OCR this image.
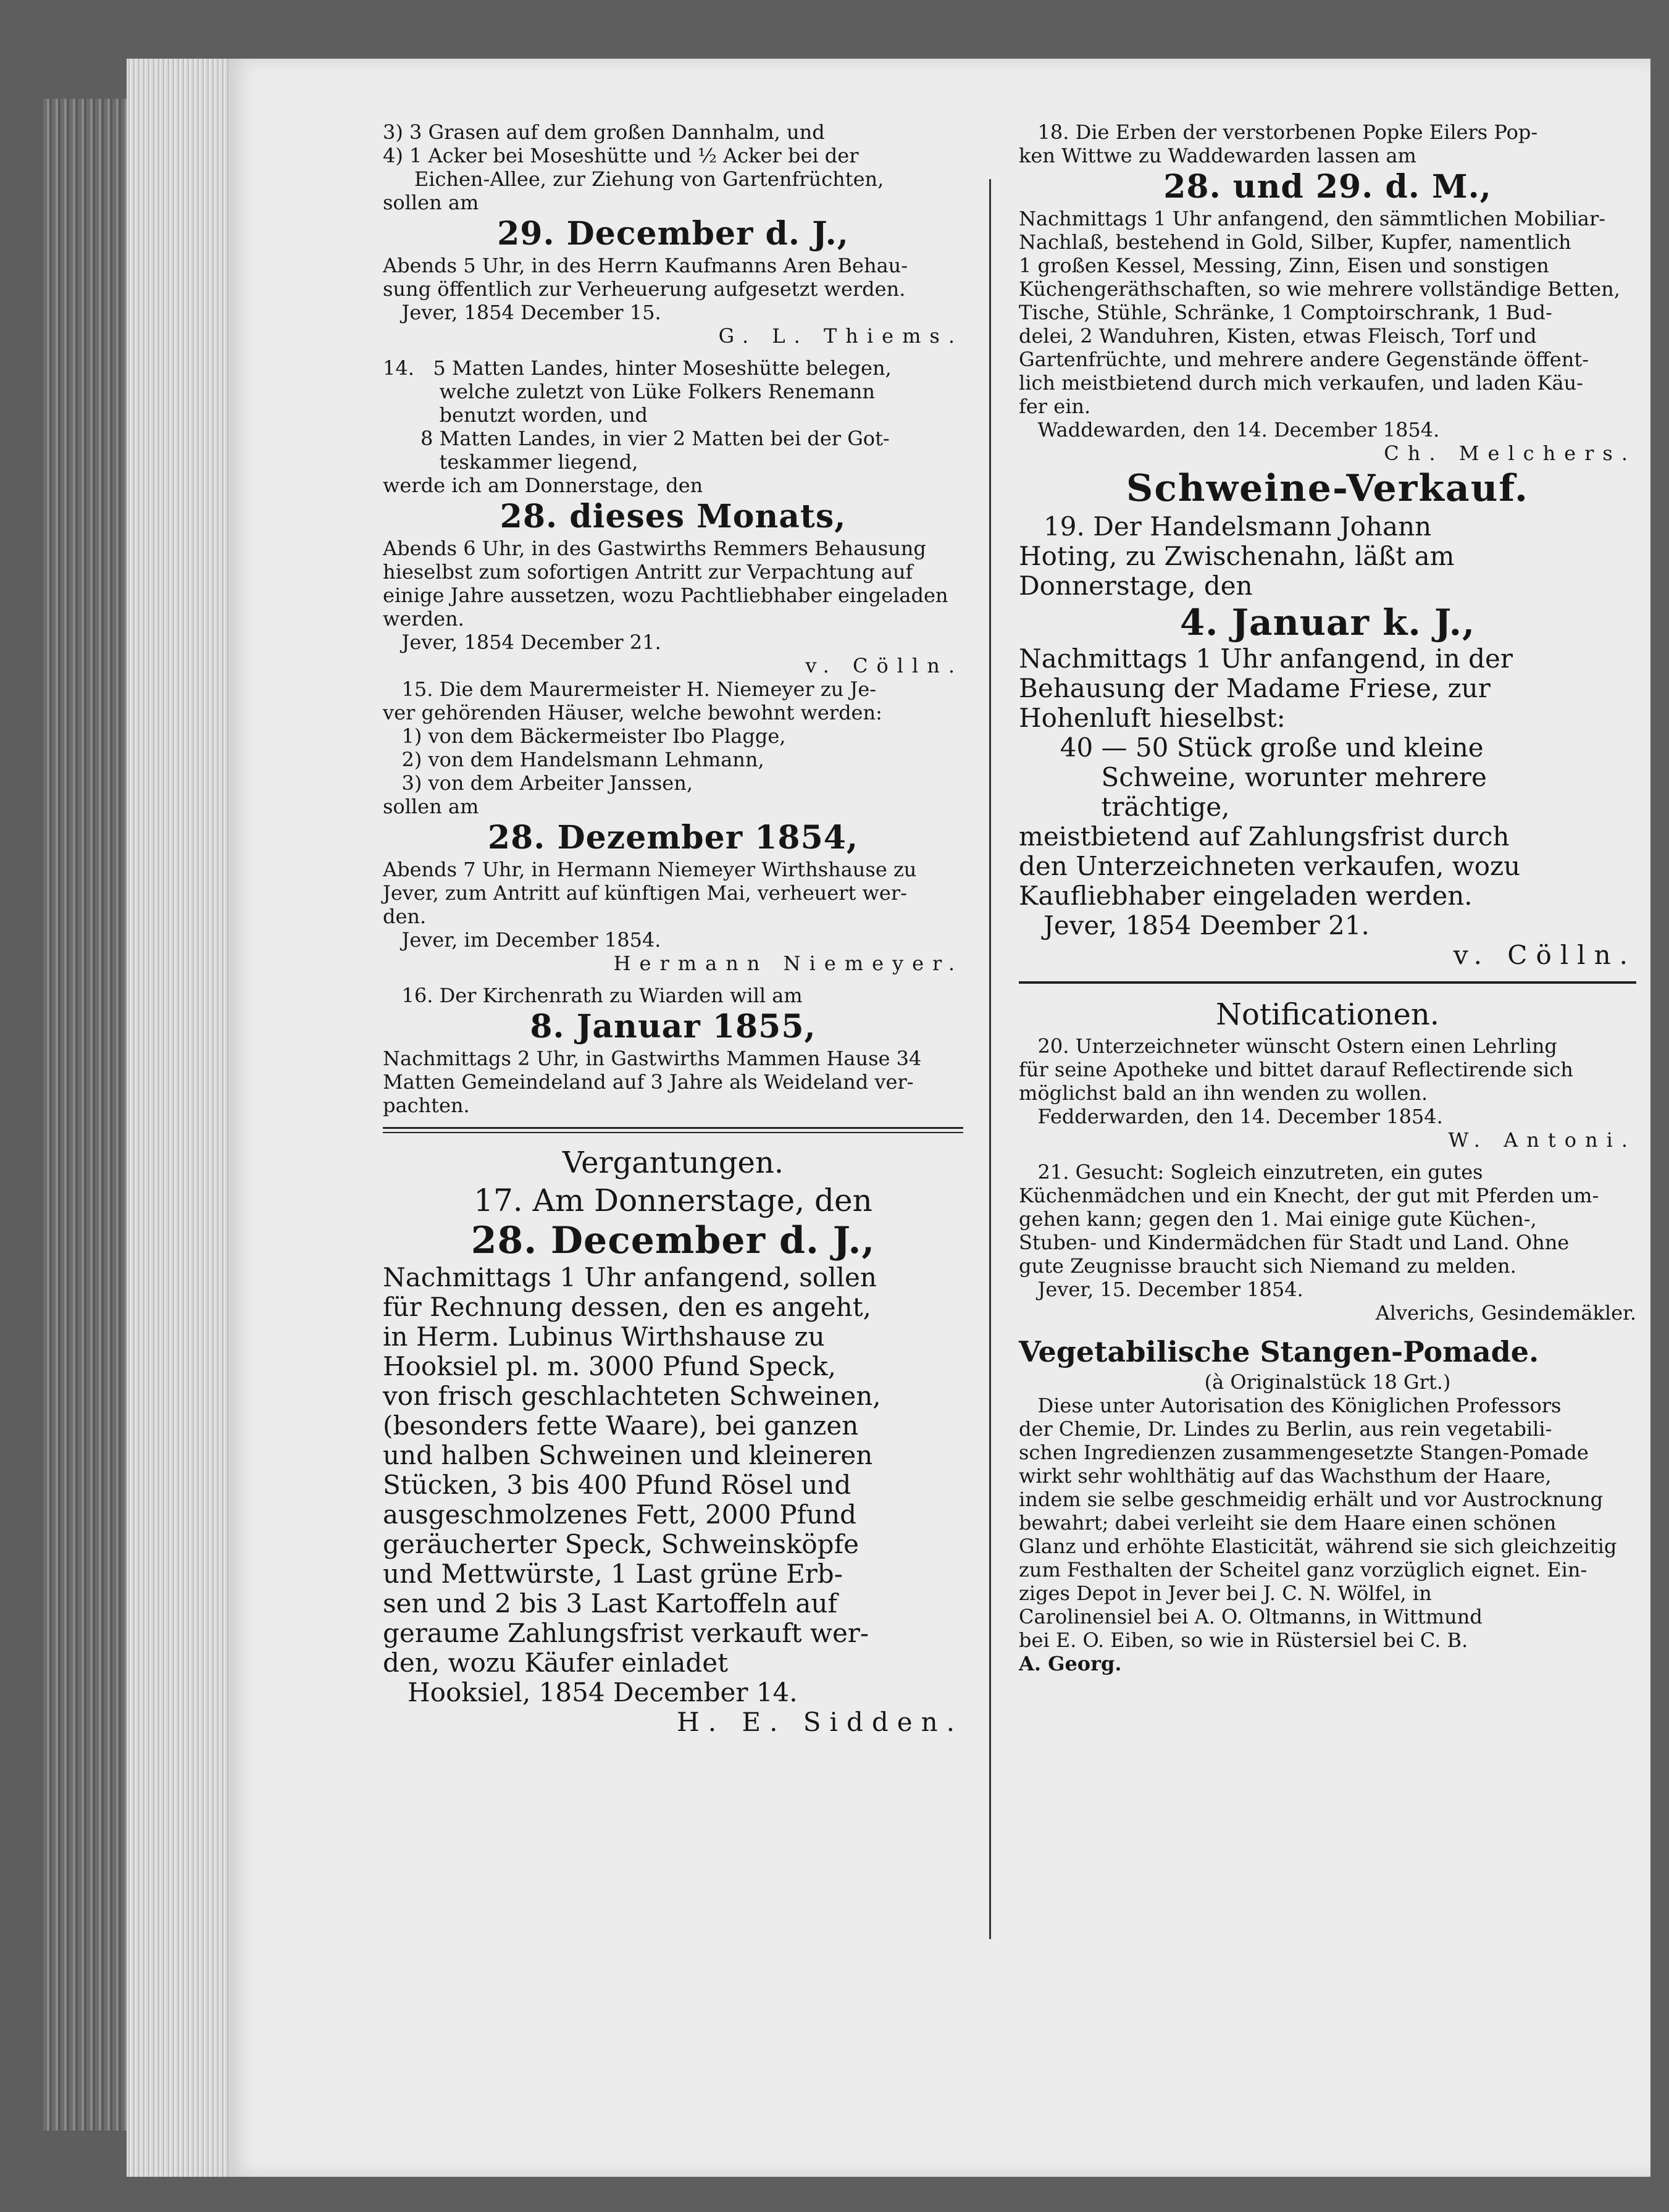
3) 3 Grasen auf dem großen Dannhalm, und
4) 1 Acker bei Moseshütte und ½ Acker bei der
Eichen-Allee, zur Ziehung von Gartenfrüchten,
sollen am
29. December d. J.,
Abends 5 Uhr, in des Herrn Kaufmanns Aren Behau-
sung öffentlich zur Verheuerung aufgesetzt werden.
Jever, 1854 December 15.
G. L. Thiems.
14.   5 Matten Landes, hinter Moseshütte belegen,
welche zuletzt von Lüke Folkers Renemann
benutzt worden, und
8 Matten Landes, in vier 2 Matten bei der Got-
teskammer liegend,
werde ich am Donnerstage, den
28. dieses Monats,
Abends 6 Uhr, in des Gastwirths Remmers Behausung
hieselbst zum sofortigen Antritt zur Verpachtung auf
einige Jahre aussetzen, wozu Pachtliebhaber eingeladen
werden.
Jever, 1854 December 21.
v. Cölln.
15. Die dem Maurermeister H. Niemeyer zu Je-
ver gehörenden Häuser, welche bewohnt werden:
1) von dem Bäckermeister Ibo Plagge,
2) von dem Handelsmann Lehmann,
3) von dem Arbeiter Janssen,
sollen am
28. Dezember 1854,
Abends 7 Uhr, in Hermann Niemeyer Wirthshause zu
Jever, zum Antritt auf künftigen Mai, verheuert wer-
den.
Jever, im December 1854.
Hermann Niemeyer.
16. Der Kirchenrath zu Wiarden will am
8. Januar 1855,
Nachmittags 2 Uhr, in Gastwirths Mammen Hause 34
Matten Gemeindeland auf 3 Jahre als Weideland ver-
pachten.
Vergantungen.
17. Am Donnerstage, den
28. December d. J.,
Nachmittags 1 Uhr anfangend, sollen
für Rechnung dessen, den es angeht,
in Herm. Lubinus Wirthshause zu
Hooksiel pl. m. 3000 Pfund Speck,
von frisch geschlachteten Schweinen,
(besonders fette Waare), bei ganzen
und halben Schweinen und kleineren
Stücken, 3 bis 400 Pfund Rösel und
ausgeschmolzenes Fett, 2000 Pfund
geräucherter Speck, Schweinsköpfe
und Mettwürste, 1 Last grüne Erb-
sen und 2 bis 3 Last Kartoffeln auf
geraume Zahlungsfrist verkauft wer-
den, wozu Käufer einladet
Hooksiel, 1854 December 14.
H. E. Sidden.
18. Die Erben der verstorbenen Popke Eilers Pop-
ken Wittwe zu Waddewarden lassen am
28. und 29. d. M.,
Nachmittags 1 Uhr anfangend, den sämmtlichen Mobiliar-
Nachlaß, bestehend in Gold, Silber, Kupfer, namentlich
1 großen Kessel, Messing, Zinn, Eisen und sonstigen
Küchengeräthschaften, so wie mehrere vollständige Betten,
Tische, Stühle, Schränke, 1 Comptoirschrank, 1 Bud-
delei, 2 Wanduhren, Kisten, etwas Fleisch, Torf und
Gartenfrüchte, und mehrere andere Gegenstände öffent-
lich meistbietend durch mich verkaufen, und laden Käu-
fer ein.
Waddewarden, den 14. December 1854.
Ch. Melchers.
Schweine-Verkauf.
19. Der Handelsmann Johann
Hoting, zu Zwischenahn, läßt am
Donnerstage, den
4. Januar k. J.,
Nachmittags 1 Uhr anfangend, in der
Behausung der Madame Friese, zur
Hohenluft hieselbst:
40 — 50 Stück große und kleine
Schweine, worunter mehrere
trächtige,
meistbietend auf Zahlungsfrist durch
den Unterzeichneten verkaufen, wozu
Kaufliebhaber eingeladen werden.
Jever, 1854 Deember 21.
v. Cölln.
Notificationen.
20. Unterzeichneter wünscht Ostern einen Lehrling
für seine Apotheke und bittet darauf Reflectirende sich
möglichst bald an ihn wenden zu wollen.
Fedderwarden, den 14. December 1854.
W. Antoni.
21. Gesucht: Sogleich einzutreten, ein gutes
Küchenmädchen und ein Knecht, der gut mit Pferden um-
gehen kann; gegen den 1. Mai einige gute Küchen-,
Stuben- und Kindermädchen für Stadt und Land. Ohne
gute Zeugnisse braucht sich Niemand zu melden.
Jever, 15. December 1854.
Alverichs, Gesindemäkler.
Vegetabilische Stangen-Pomade.
(à Originalstück 18 Grt.)
Diese unter Autorisation des Königlichen Professors
der Chemie, Dr. Lindes zu Berlin, aus rein vegetabili-
schen Ingredienzen zusammengesetzte Stangen-Pomade
wirkt sehr wohlthätig auf das Wachsthum der Haare,
indem sie selbe geschmeidig erhält und vor Austrocknung
bewahrt; dabei verleiht sie dem Haare einen schönen
Glanz und erhöhte Elasticität, während sie sich gleichzeitig
zum Festhalten der Scheitel ganz vorzüglich eignet. Ein-
ziges Depot in Jever bei J. C. N. Wölfel, in
Carolinensiel bei A. O. Oltmanns, in Wittmund
bei E. O. Eiben, so wie in Rüstersiel bei C. B.
A. Georg.
